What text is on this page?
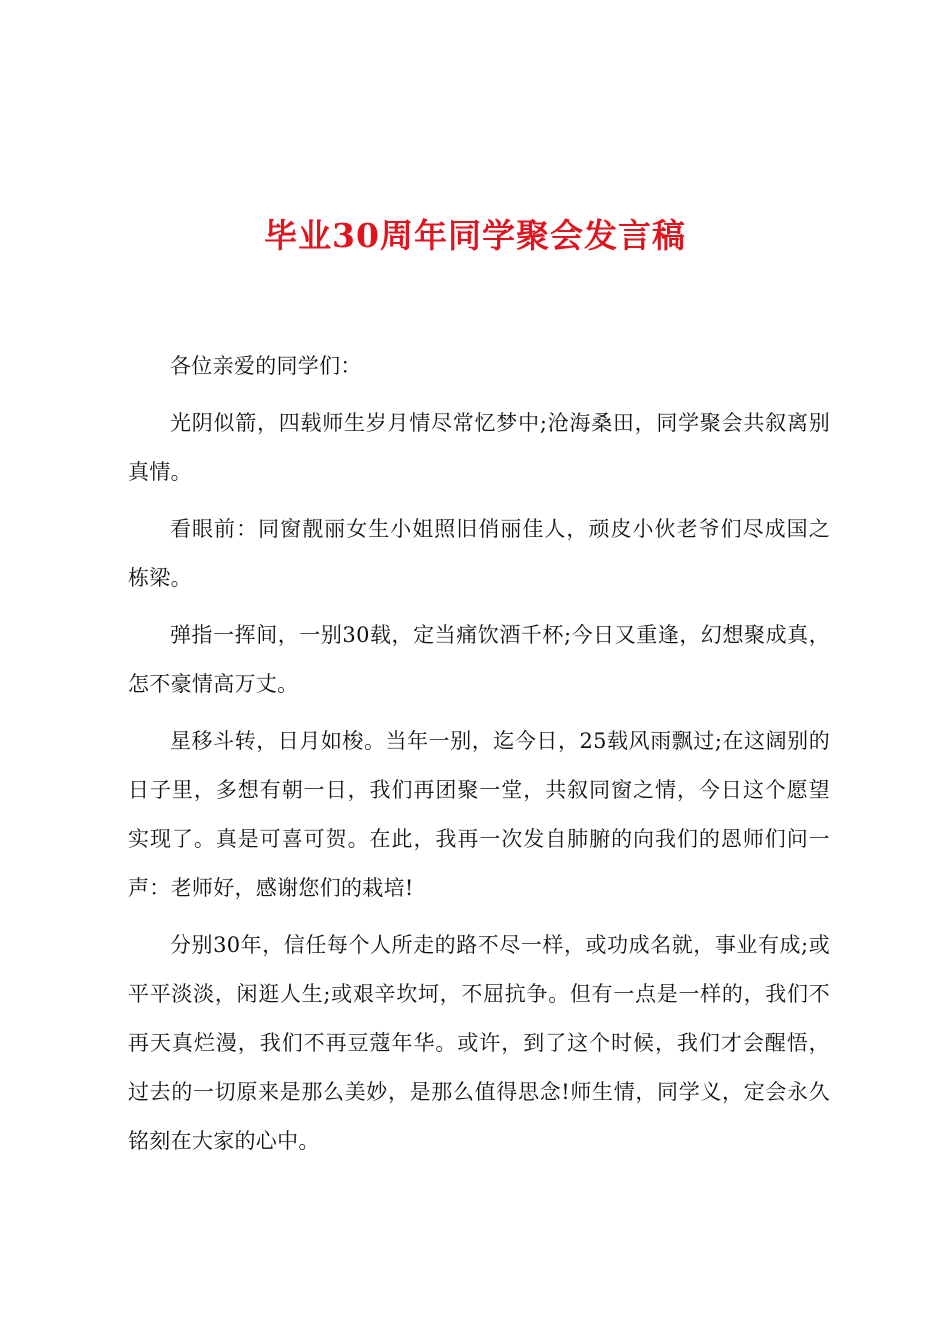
毕业30周年同学聚会发言稿

各位亲爱的同学们：

光阴似箭，四载师生岁月情尽常忆梦中;沧海桑田，同学聚会共叙离别真情。

看眼前：同窗靓丽女生小姐照旧俏丽佳人，顽皮小伙老爷们尽成国之栋梁。

弹指一挥间，一别30载，定当痛饮酒千杯;今日又重逢，幻想聚成真，怎不豪情高万丈。

星移斗转，日月如梭。当年一别，迄今日，25载风雨飘过;在这阔别的日子里，多想有朝一日，我们再团聚一堂，共叙同窗之情，今日这个愿望实现了。真是可喜可贺。在此，我再一次发自肺腑的向我们的恩师们问一声：老师好，感谢您们的栽培!

分别30年，信任每个人所走的路不尽一样，或功成名就，事业有成;或平平淡淡，闲逛人生;或艰辛坎坷，不屈抗争。但有一点是一样的，我们不再天真烂漫，我们不再豆蔻年华。或许，到了这个时候，我们才会醒悟，过去的一切原来是那么美妙，是那么值得思念!师生情，同学义，定会永久铭刻在大家的心中。
